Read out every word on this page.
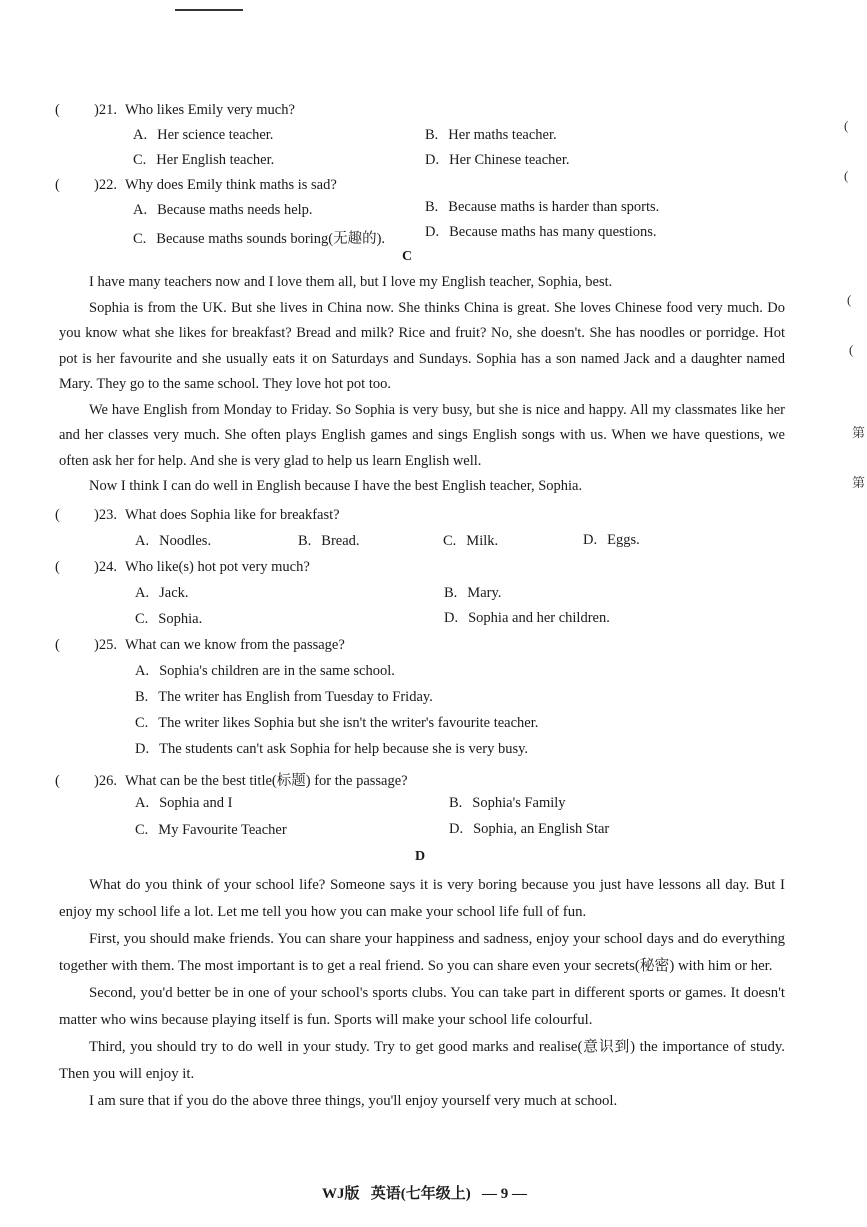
( )21. Who likes Emily very much?
A. Her science teacher.	B. Her maths teacher.
C. Her English teacher.	D. Her Chinese teacher.
( )22. Why does Emily think maths is sad?
A. Because maths needs help.	B. Because maths is harder than sports.
C. Because maths sounds boring(无趣的).	D. Because maths has many questions.
C

I have many teachers now and I love them all, but I love my English teacher, Sophia, best.

Sophia is from the UK. But she lives in China now. She thinks China is great. She loves Chinese food very much. Do you know what she likes for breakfast? Bread and milk? Rice and fruit? No, she doesn't. She has noodles or porridge. Hot pot is her favourite and she usually eats it on Saturdays and Sundays. Sophia has a son named Jack and a daughter named Mary. They go to the same school. They love hot pot too.

We have English from Monday to Friday. So Sophia is very busy, but she is nice and happy. All my classmates like her and her classes very much. She often plays English games and sings English songs with us. When we have questions, we often ask her for help. And she is very glad to help us learn English well.

Now I think I can do well in English because I have the best English teacher, Sophia.

( )23. What does Sophia like for breakfast?
A. Noodles.	B. Bread.	C. Milk.	D. Eggs.
( )24. Who like(s) hot pot very much?
A. Jack.	B. Mary.
C. Sophia.	D. Sophia and her children.
( )25. What can we know from the passage?
A. Sophia's children are in the same school.
B. The writer has English from Tuesday to Friday.
C. The writer likes Sophia but she isn't the writer's favourite teacher.
D. The students can't ask Sophia for help because she is very busy.
( )26. What can be the best title(标题) for the passage?
A. Sophia and I	B. Sophia's Family
C. My Favourite Teacher	D. Sophia, an English Star
D

What do you think of your school life? Someone says it is very boring because you just have lessons all day. But I enjoy my school life a lot. Let me tell you how you can make your school life full of fun.

First, you should make friends. You can share your happiness and sadness, enjoy your school days and do everything together with them. The most important is to get a real friend. So you can share even your secrets(秘密) with him or her.

Second, you'd better be in one of your school's sports clubs. You can take part in different sports or games. It doesn't matter who wins because playing itself is fun. Sports will make your school life colourful.

Third, you should try to do well in your study. Try to get good marks and realise(意识到) the importance of study. Then you will enjoy it.

I am sure that if you do the above three things, you'll enjoy yourself very much at school.

WJ版 英语(七年级上) — 9 —
(
(
(
(
第
第
